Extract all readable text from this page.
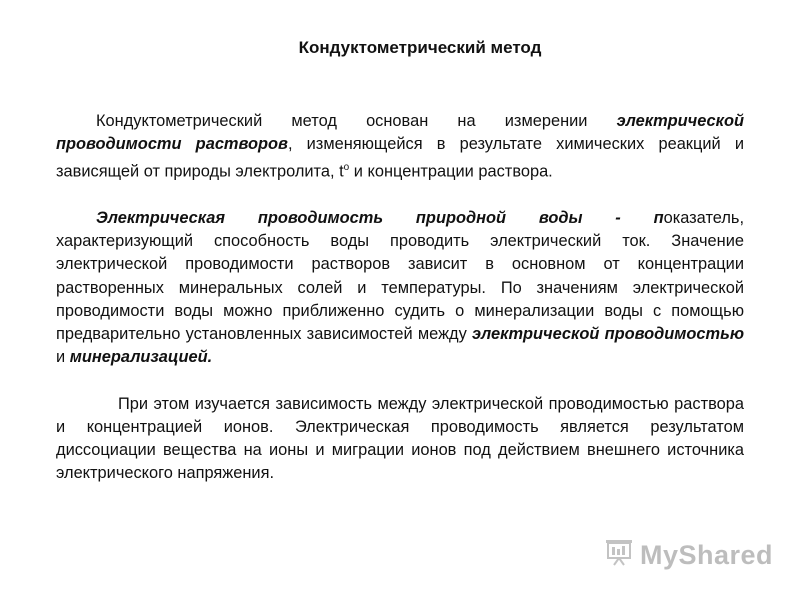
Кондуктометрический метод

Кондуктометрический метод основан на измерении электрической проводимости растворов, изменяющейся в результате химических реакций и зависящей от природы электролита, $t^о$ и концентрации раствора.

Электрическая проводимость природной воды - показатель, характеризующий способность воды проводить электрический ток. Значение электрической проводимости растворов зависит в основном от концентрации растворенных минеральных солей и температуры. По значениям электрической проводимости воды можно приближенно судить о минерализации воды с помощью предварительно установленных зависимостей между электрической проводимостью и минерализацией.

При этом изучается зависимость между электрической проводимостью раствора и концентрацией ионов. Электрическая проводимость является результатом диссоциации вещества на ионы и миграции ионов под действием внешнего источника электрического напряжения.

MyShared
